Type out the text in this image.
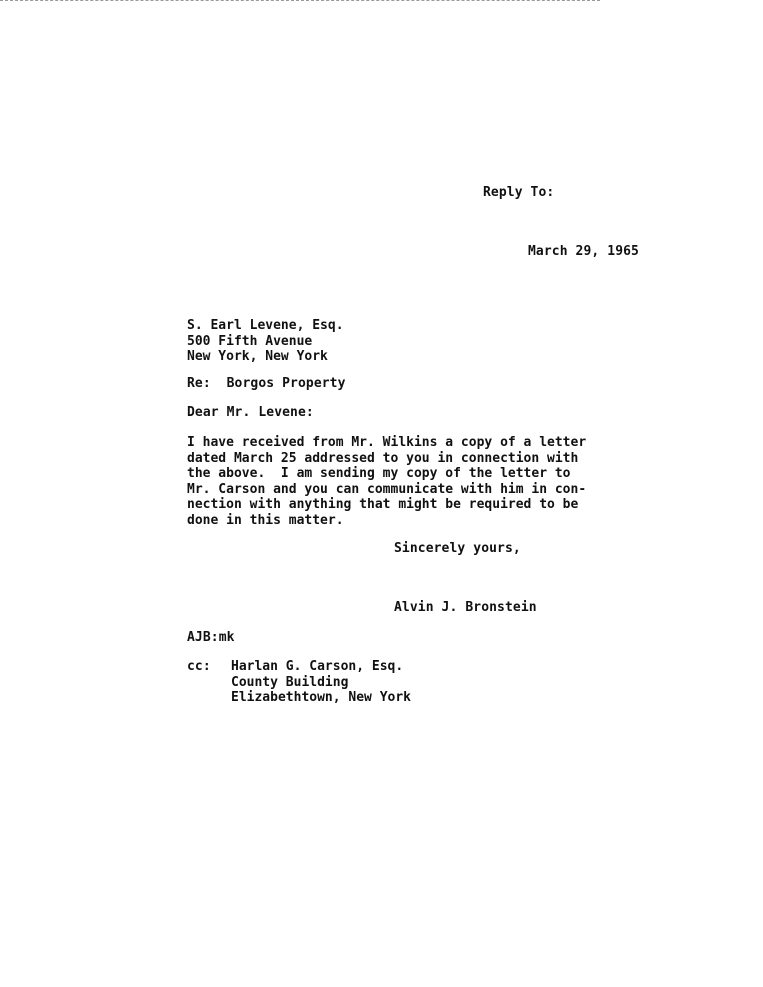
Reply To:
March 29, 1965
S. Earl Levene, Esq.
500 Fifth Avenue
New York, New York
Re:  Borgos Property
Dear Mr. Levene:
I have received from Mr. Wilkins a copy of a letter
dated March 25 addressed to you in connection with
the above.  I am sending my copy of the letter to
Mr. Carson and you can communicate with him in con-
nection with anything that might be required to be
done in this matter.
Sincerely yours,
Alvin J. Bronstein
AJB:mk
cc: Harlan G. Carson, Esq.
County Building
Elizabethtown, New York
